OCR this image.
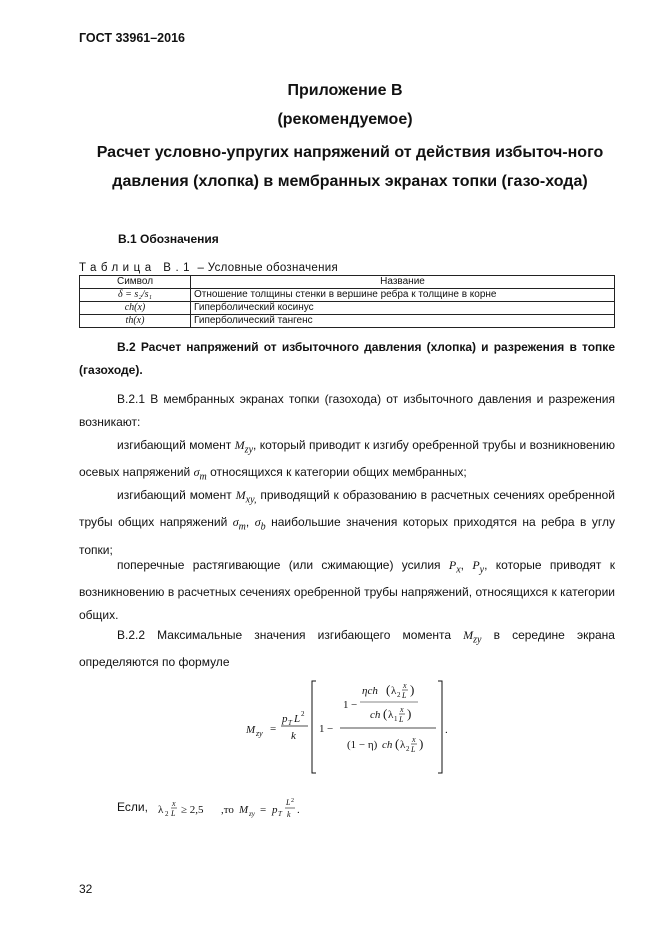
ГОСТ 33961–2016
Приложение В
(рекомендуемое)
Расчет условно-упругих напряжений от действия избыточ-ного давления (хлопка) в мембранных экранах топки (газо-хода)
В.1 Обозначения
Таблица В.1 – Условные обозначения
Символ	Название
δ = s₂/s₁	Отношение толщины стенки в вершине ребра к толщине в корне
ch(x)	Гиперболический косинус
th(x)	Гиперболический тангенс
В.2 Расчет напряжений от избыточного давления (хлопка) и разрежения в топке (газоходе).
В.2.1 В мембранных экранах топки (газохода) от избыточного давления и разрежения возникают:
изгибающий момент $M_{zy}$, который приводит к изгибу оребренной трубы и возникновению осевых напряжений $\sigma_m$ относящихся к категории общих мембранных;
изгибающий момент $M_{xy,}$ приводящий к образованию в расчетных сечениях оребренной трубы общих напряжений $\sigma_m$, $\sigma_b$ наибольшие значения которых приходятся на ребра в углу топки;
поперечные растягивающие (или сжимающие) усилия $P_x$, $P_y$, которые приводят к возникновению в расчетных сечениях оребренной трубы напряжений, относящихся к категории общих.
В.2.2 Максимальные значения изгибающего момента $M_{zy}$ в середине экрана определяются по формуле
M zy =
p T L 2
k
1 −
1 −
ηch ( λ 2
x
L )
ch ( λ 1
x
L )
(1 − η) ch ( λ 2
x
L )
.
Если, λ 2
x
L ≥ 2,5 ,то M zy = p T
L 2
k .
32
